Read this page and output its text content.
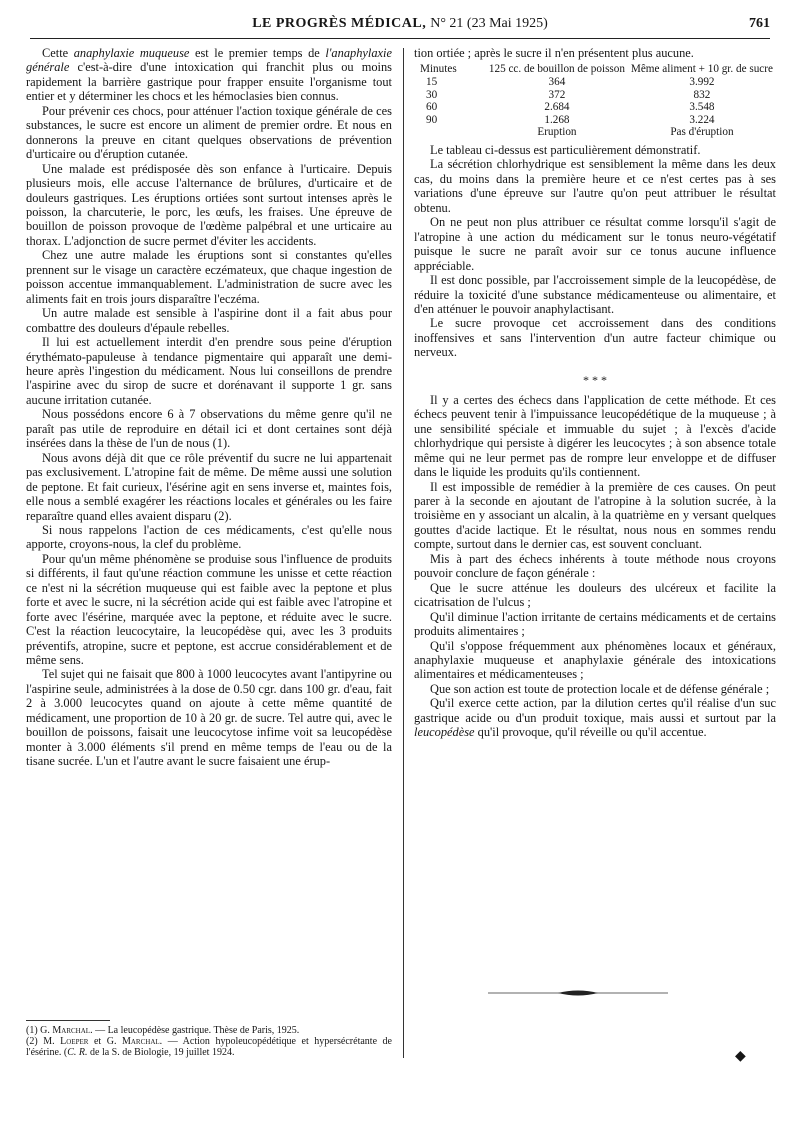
LE PROGRÈS MÉDICAL, N° 21 (23 Mai 1925)	761

Cette anaphylaxie muqueuse est le premier temps de l'anaphylaxie générale c'est-à-dire d'une intoxication qui franchit plus ou moins rapidement la barrière gastrique pour frapper ensuite l'organisme tout entier et y déterminer les chocs et les hémoclasies bien connus.

Pour prévenir ces chocs, pour atténuer l'action toxique générale de ces substances, le sucre est encore un aliment de premier ordre. Et nous en donnerons la preuve en citant quelques observations de prévention d'urticaire ou d'éruption cutanée.

Une malade est prédisposée dès son enfance à l'urticaire. Depuis plusieurs mois, elle accuse l'alternance de brûlures, d'urticaire et de douleurs gastriques. Les éruptions ortiées sont surtout intenses après le poisson, la charcuterie, le porc, les œufs, les fraises. Une épreuve de bouillon de poisson provoque de l'œdème palpébral et une urticaire au thorax. L'adjonction de sucre permet d'éviter les accidents.

Chez une autre malade les éruptions sont si constantes qu'elles prennent sur le visage un caractère eczémateux, que chaque ingestion de poisson accentue immanquablement. L'administration de sucre avec les aliments fait en trois jours disparaître l'eczéma.

Un autre malade est sensible à l'aspirine dont il a fait abus pour combattre des douleurs d'épaule rebelles.

Il lui est actuellement interdit d'en prendre sous peine d'éruption érythémato-papuleuse à tendance pigmentaire qui apparaît une demi-heure après l'ingestion du médicament. Nous lui conseillons de prendre l'aspirine avec du sirop de sucre et dorénavant il supporte 1 gr. sans aucune irritation cutanée.

Nous possédons encore 6 à 7 observations du même genre qu'il ne paraît pas utile de reproduire en détail ici et dont certaines sont déjà insérées dans la thèse de l'un de nous (1).

Nous avons déjà dit que ce rôle préventif du sucre ne lui appartenait pas exclusivement. L'atropine fait de même. De même aussi une solution de peptone. Et fait curieux, l'ésérine agit en sens inverse et, maintes fois, elle nous a semblé exagérer les réactions locales et générales ou les faire reparaître quand elles avaient disparu (2).

Si nous rappelons l'action de ces médicaments, c'est qu'elle nous apporte, croyons-nous, la clef du problème.

Pour qu'un même phénomène se produise sous l'influence de produits si différents, il faut qu'une réaction commune les unisse et cette réaction ce n'est ni la sécrétion muqueuse qui est faible avec la peptone et plus forte et avec le sucre, ni la sécrétion acide qui est faible avec l'atropine et forte avec l'ésérine, marquée avec la peptone, et réduite avec le sucre. C'est la réaction leucocytaire, la leucopédèse qui, avec les 3 produits préventifs, atropine, sucre et peptone, est accrue considérablement et de même sens.

Tel sujet qui ne faisait que 800 à 1000 leucocytes avant l'antipyrine ou l'aspirine seule, administrées à la dose de 0.50 cgr. dans 100 gr. d'eau, fait 2 à 3.000 leucocytes quand on ajoute à cette même quantité de médicament, une proportion de 10 à 20 gr. de sucre. Tel autre qui, avec le bouillon de poissons, faisait une leucocytose infime voit sa leucopédèse monter à 3.000 éléments s'il prend en même temps de l'eau ou de la tisane sucrée. L'un et l'autre avant le sucre faisaient une érup-

(1) G. Marchal. — La leucopédèse gastrique. Thèse de Paris, 1925.

(2) M. Loeper et G. Marchal. — Action hypoleucopédétique et hypersécrétante de l'ésérine. (C. R. de la S. de Biologie, 19 juillet 1924.

tion ortiée ; après le sucre il n'en présentent plus aucune.

Minutes	125 cc. de bouillon de poisson	Même aliment + 10 gr. de sucre
15	364	3.992
30	372	832
60	2.684	3.548
90	1.268	3.224
	Eruption	Pas d'éruption

Le tableau ci-dessus est particulièrement démonstratif.

La sécrétion chlorhydrique est sensiblement la même dans les deux cas, du moins dans la première heure et ce n'est certes pas à ses variations d'une épreuve sur l'autre qu'on peut attribuer le résultat obtenu.

On ne peut non plus attribuer ce résultat comme lorsqu'il s'agit de l'atropine à une action du médicament sur le tonus neuro-végétatif puisque le sucre ne paraît avoir sur ce tonus aucune influence appréciable.

Il est donc possible, par l'accroissement simple de la leucopédèse, de réduire la toxicité d'une substance médicamenteuse ou alimentaire, et d'en atténuer le pouvoir anaphylactisant.

Le sucre provoque cet accroissement dans des conditions inoffensives et sans l'intervention d'un autre facteur chimique ou nerveux.

* * *

Il y a certes des échecs dans l'application de cette méthode. Et ces échecs peuvent tenir à l'impuissance leucopédétique de la muqueuse ; à une sensibilité spéciale et immuable du sujet ; à l'excès d'acide chlorhydrique qui persiste à digérer les leucocytes ; à son absence totale même qui ne leur permet pas de rompre leur enveloppe et de diffuser dans le liquide les produits qu'ils contiennent.

Il est impossible de remédier à la première de ces causes. On peut parer à la seconde en ajoutant de l'atropine à la solution sucrée, à la troisième en y associant un alcalin, à la quatrième en y versant quelques gouttes d'acide lactique. Et le résultat, nous nous en sommes rendu compte, surtout dans le dernier cas, est souvent concluant.

Mis à part des échecs inhérents à toute méthode nous croyons pouvoir conclure de façon générale :

Que le sucre atténue les douleurs des ulcéreux et facilite la cicatrisation de l'ulcus ;

Qu'il diminue l'action irritante de certains médicaments et de certains produits alimentaires ;

Qu'il s'oppose fréquemment aux phénomènes locaux et généraux, anaphylaxie muqueuse et anaphylaxie générale des intoxications alimentaires et médicamenteuses ;

Que son action est toute de protection locale et de défense générale ;

Qu'il exerce cette action, par la dilution certes qu'il réalise d'un suc gastrique acide ou d'un produit toxique, mais aussi et surtout par la leucopédèse qu'il provoque, qu'il réveille ou qu'il accentue.

◆
